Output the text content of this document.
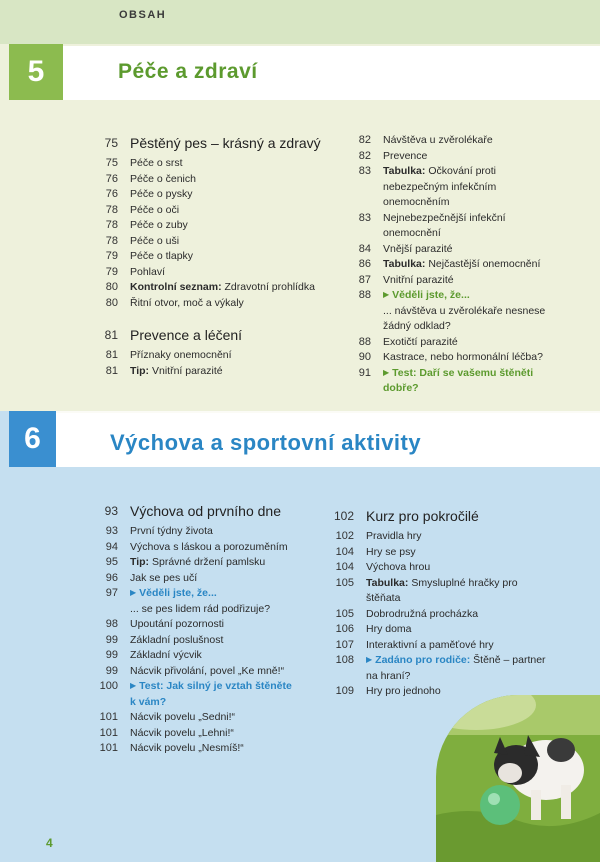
OBSAH
5	Péče a zdraví
75 Pěstěný pes – krásný a zdravý
75	Péče o srst
76	Péče o čenich
76	Péče o pysky
78	Péče o oči
78	Péče o zuby
78	Péče o uši
79	Péče o tlapky
79	Pohlaví
80	Kontrolní seznam: Zdravotní prohlídka
80	Řitní otvor, moč a výkaly
81 Prevence a léčení
81	Příznaky onemocnění
81	Tip: Vnitřní parazité
82	Návštěva u zvěrolékaře
82	Prevence
83	Tabulka: Očkování proti nebezpečným infekčním onemocněním
83	Nejnebezpečnější infekční onemocnění
84	Vnější parazité
86	Tabulka: Nejčastější onemocnění
87	Vnitřní parazité
88	▶ Věděli jste, že...
... návštěva u zvěrolékaře nesnese žádný odklad?
88	Exotičtí parazité
90	Kastrace, nebo hormonální léčba?
91	▶ Test: Daří se vašemu štěněti dobře?
6	Výchova a sportovní aktivity
93 Výchova od prvního dne
93	První týdny života
94	Výchova s láskou a porozuměním
95	Tip: Správné držení pamlsku
96	Jak se pes učí
97	▶ Věděli jste, že...
... se pes lidem rád podřizuje?
98	Upoutání pozornosti
99	Základní poslušnost
99	Základní výcvik
99	Nácvik přivolání, povel „Ke mně!“
100	▶ Test: Jak silný je vztah štěněte k vám?
101	Nácvik povelu „Sedni!“
101	Nácvik povelu „Lehni!“
101	Nácvik povelu „Nesmíš!“
102 Kurz pro pokročilé
102	Pravidla hry
104	Hry se psy
104	Výchova hrou
105	Tabulka: Smysluplné hračky pro štěňata
105	Dobrodružná procházka
106	Hry doma
107	Interaktivní a paměťové hry
108	▶ Zadáno pro rodiče: Štěně – partner na hraní?
109	Hry pro jednoho
4
